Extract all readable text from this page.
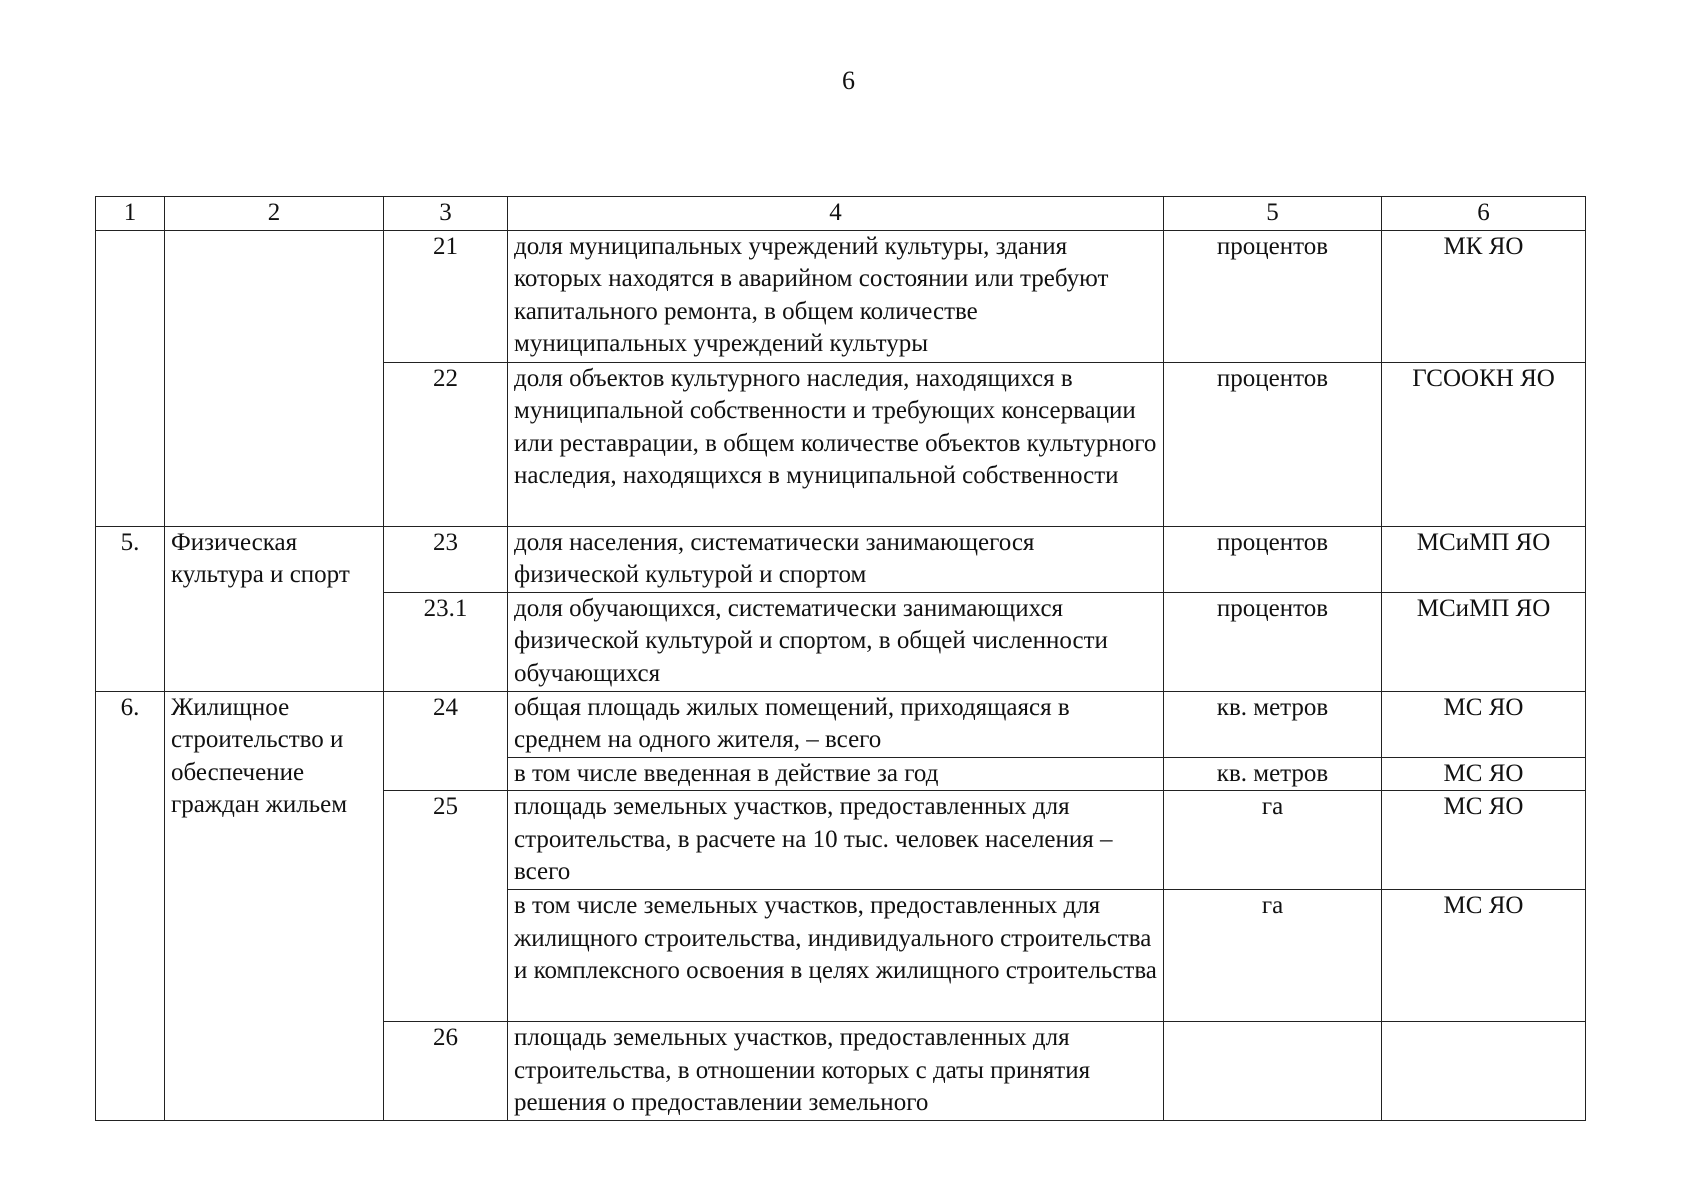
6
1	2	3	4	5	6
		21	доля муниципальных учреждений культуры, здания которых находятся в аварийном состоянии или требуют капитального ремонта, в общем количестве муниципальных учреждений культуры	процентов	МК ЯО
		22	доля объектов культурного наследия, находящихся в муниципальной собственности и требующих консервации или реставрации, в общем количестве объектов культурного наследия, находящихся в муниципальной собственности	процентов	ГСООКН ЯО
5.	Физическая культура и спорт	23	доля населения, систематически занимающегося физической культурой и спортом	процентов	МСиМП ЯО
		23.1	доля обучающихся, систематически занимающихся физической культурой и спортом, в общей численности обучающихся	процентов	МСиМП ЯО
6.	Жилищное строительство и обеспечение граждан жильем	24	общая площадь жилых помещений, приходящаяся в среднем на одного жителя, – всего	кв. метров	МС ЯО
			в том числе введенная в действие за год	кв. метров	МС ЯО
		25	площадь земельных участков, предоставленных для строительства, в расчете на 10 тыс. человек населения – всего	га	МС ЯО
			в том числе земельных участков, предоставленных для жилищного строительства, индивидуального строительства и комплексного освоения в целях жилищного строительства	га	МС ЯО
		26	площадь земельных участков, предоставленных для строительства, в отношении которых с даты принятия решения о предоставлении земельного		
